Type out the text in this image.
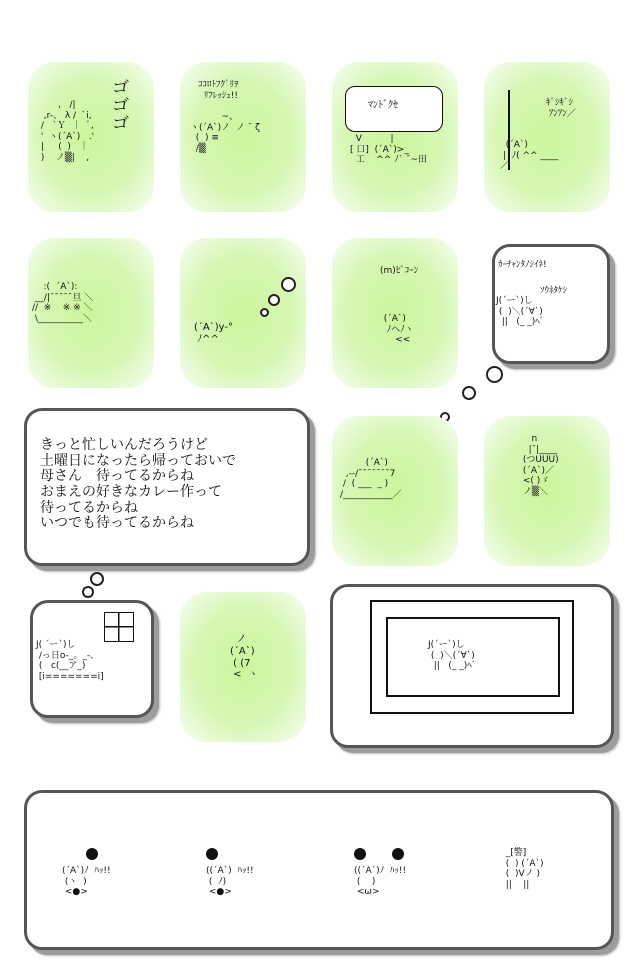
,   /|
,r-、 λ /  ﾞi,
/   `Ｙ  ｜  ﾞ,
'  ヽ(´A`)   .'
|     (  )   ｜
)    ノ▒|    ,

ゴ
ゴ
ゴ
ｺｺﾛﾄﾌｸﾞﾘｦ
ﾘﾌﾚｯｼｭ!!
~、
ヽ(´A`)ノ  ノ ¯ ζ
(  ) ≡
/▒
ﾏﾝﾄﾞｸｾ
V          |
[ 口]  (´A`)>_
工    ^^ ﾉ` ¯~田
ｷﾞｼｷﾞｼ
ｱﾝｱﾝ／
(´A`)
|  ﾉ( ^^ ____
／
:(  ´A`):
__/|¯¯¯¯¯旦 ＼
//  ※    ※ ※ ＼
\__________＼
(´A`)y-°
ﾉ^^
(m)ﾋﾟｺｰﾝ
(´A`)
ﾉヘﾉヽ
<<
ｶｰﾁｬﾝﾀﾉｼｲﾈ!
ｿｳﾈﾀｹｼ
J(´ー`)し
(  )＼(´∀`)
||   (_ _)ﾍﾞ
きっと忙しいんだろうけど
土曜日になったら帰っておいで
母さん　待ってるからね
おまえの好きなカレー作って
待ってるからね
いつでも待ってるからね
(´A`)
,--/¯¯¯¯¯¯¯7
/  ( ___  _ )
/___________／
n
|¯|____
(つUUU)
(´A`)／
<( )ゞ
ノ▒＼
J( ´ー`)し
/っ日o-_。_-、
(   c(__ア_)
[i=======i]
ノ
(´A`)
( (7
<  ヽ
J(´ー`)し
(  )＼(´∀`)
||   (_ _)ﾍﾞ
(´A`)ﾉ  ﾊｯ!!
(ヽ  )
<●>
((´A`)  ﾊｯ!!
(  ﾉ)
<●>
((´A`)ﾉ  ﾊｯ!!
(    )
<ω>
_[警]
(  ) (´A`)
(  )Vノ )
||    ||
